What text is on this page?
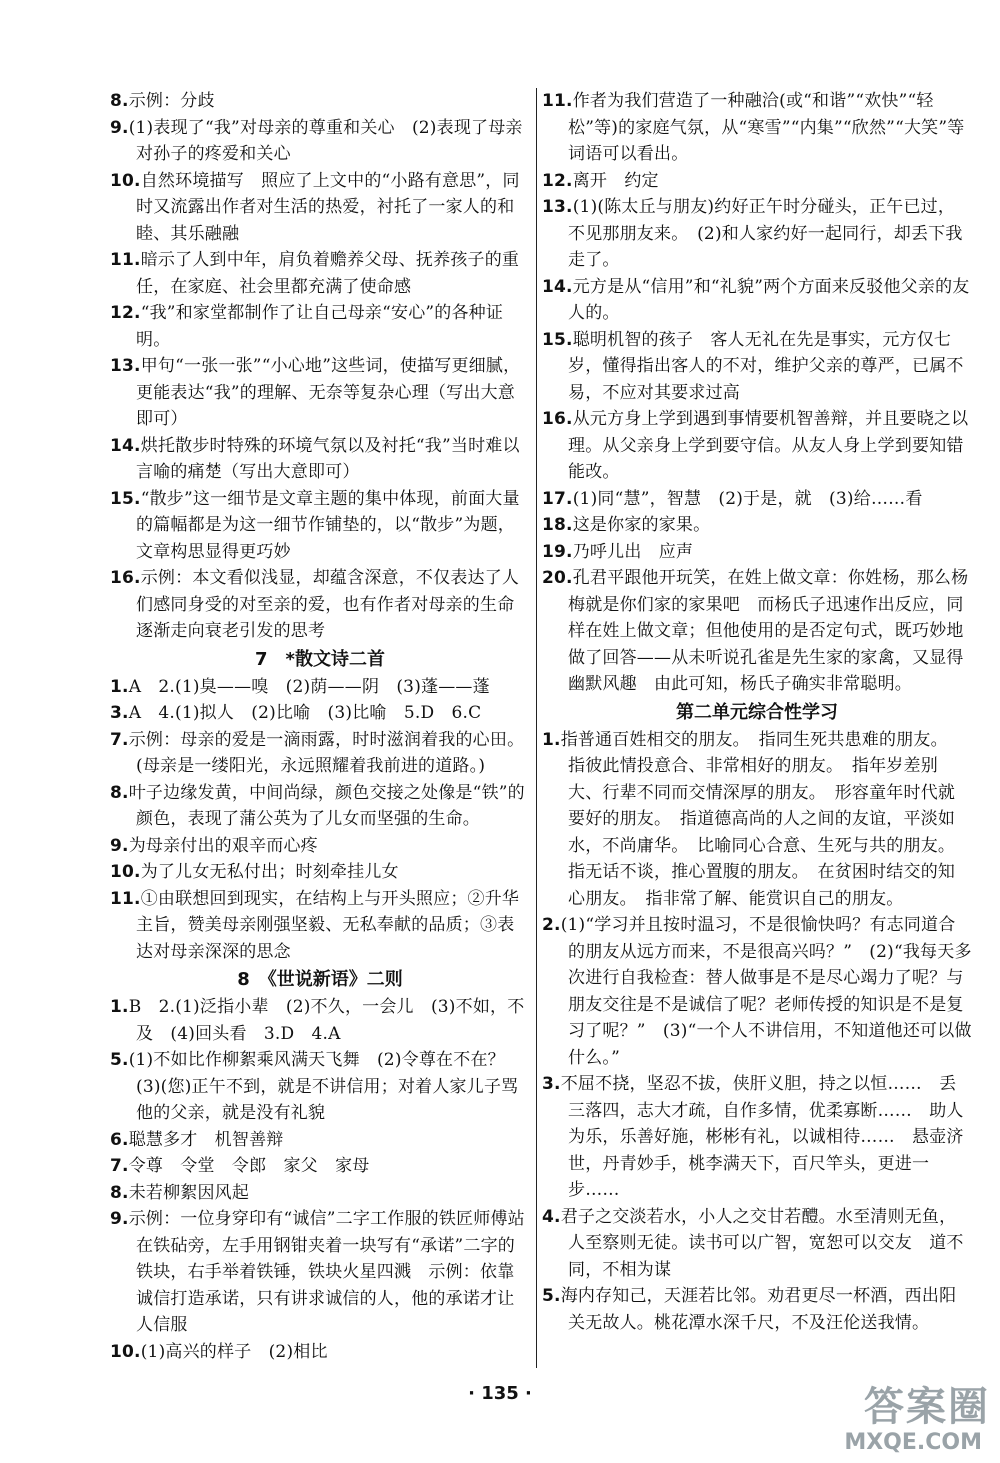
8.示例：分歧

9.(1)表现了“我”对母亲的尊重和关心　(2)表现了母亲对孙子的疼爱和关心

10.自然环境描写　照应了上文中的“小路有意思”，同时又流露出作者对生活的热爱，衬托了一家人的和睦、其乐融融

11.暗示了人到中年，肩负着赡养父母、抚养孩子的重任，在家庭、社会里都充满了使命感

12.“我”和家堂都制作了让自己母亲“安心”的各种证明。

13.甲句“一张一张”“小心地”这些词，使描写更细腻，更能表达“我”的理解、无奈等复杂心理（写出大意即可）

14.烘托散步时特殊的环境气氛以及衬托“我”当时难以言喻的痛楚（写出大意即可）

15.“散步”这一细节是文章主题的集中体现，前面大量的篇幅都是为这一细节作铺垫的，以“散步”为题，文章构思显得更巧妙

16.示例：本文看似浅显，却蕴含深意，不仅表达了人们感同身受的对至亲的爱，也有作者对母亲的生命逐渐走向衰老引发的思考

7　*散文诗二首

1.A　2.(1)臭——嗅　(2)荫——阴　(3)蓬——蓬

3.A　4.(1)拟人　(2)比喻　(3)比喻　5.D　6.C

7.示例：母亲的爱是一滴雨露，时时滋润着我的心田。(母亲是一缕阳光，永远照耀着我前进的道路。)

8.叶子边缘发黄，中间尚绿，颜色交接之处像是“铁”的颜色，表现了蒲公英为了儿女而坚强的生命。

9.为母亲付出的艰辛而心疼

10.为了儿女无私付出；时刻牵挂儿女

11.①由联想回到现实，在结构上与开头照应；②升华主旨，赞美母亲刚强坚毅、无私奉献的品质；③表达对母亲深深的思念

8　《世说新语》二则

1.B　2.(1)泛指小辈　(2)不久，一会儿　(3)不如，不及　(4)回头看　3.D　4.A

5.(1)不如比作柳絮乘风满天飞舞　(2)令尊在不在？　(3)(您)正午不到，就是不讲信用；对着人家儿子骂他的父亲，就是没有礼貌

6.聪慧多才　机智善辩

7.令尊　令堂　令郎　家父　家母

8.未若柳絮因风起

9.示例：一位身穿印有“诚信”二字工作服的铁匠师傅站在铁砧旁，左手用钢钳夹着一块写有“承诺”二字的铁块，右手举着铁锤，铁块火星四溅　示例：依靠诚信打造承诺，只有讲求诚信的人，他的承诺才让人信服

10.(1)高兴的样子　(2)相比

11.作者为我们营造了一种融洽(或“和谐”“欢快”“轻松”等)的家庭气氛，从“寒雪”“内集”“欣然”“大笑”等词语可以看出。

12.离开　约定

13.(1)(陈太丘与朋友)约好正午时分碰头，正午已过，不见那朋友来。　(2)和人家约好一起同行，却丢下我走了。

14.元方是从“信用”和“礼貌”两个方面来反驳他父亲的友人的。

15.聪明机智的孩子　客人无礼在先是事实，元方仅七岁，懂得指出客人的不对，维护父亲的尊严，已属不易，不应对其要求过高

16.从元方身上学到遇到事情要机智善辩，并且要晓之以理。从父亲身上学到要守信。从友人身上学到要知错能改。

17.(1)同“慧”，智慧　(2)于是，就　(3)给……看

18.这是你家的家果。

19.乃呼儿出　应声

20.孔君平跟他开玩笑，在姓上做文章：你姓杨，那么杨梅就是你们家的家果吧　而杨氏子迅速作出反应，同样在姓上做文章；但他使用的是否定句式，既巧妙地做了回答——从未听说孔雀是先生家的家禽，又显得幽默风趣　由此可知，杨氏子确实非常聪明。

第二单元综合性学习

1.指普通百姓相交的朋友。　指同生死共患难的朋友。　指彼此情投意合、非常相好的朋友。　指年岁差别大、行辈不同而交情深厚的朋友。　形容童年时代就要好的朋友。　指道德高尚的人之间的友谊，平淡如水，不尚庸华。　比喻同心合意、生死与共的朋友。　指无话不谈，推心置腹的朋友。　在贫困时结交的知心朋友。　指非常了解、能赏识自己的朋友。

2.(1)“学习并且按时温习，不是很愉快吗？有志同道合的朋友从远方而来，不是很高兴吗？”　(2)“我每天多次进行自我检查：替人做事是不是尽心竭力了呢？与朋友交往是不是诚信了呢？老师传授的知识是不是复习了呢？”　(3)“一个人不讲信用，不知道他还可以做什么。”

3.不屈不挠，坚忍不拔，侠肝义胆，持之以恒……　丢三落四，志大才疏，自作多情，优柔寡断……　助人为乐，乐善好施，彬彬有礼，以诚相待……　悬壶济世，丹青妙手，桃李满天下，百尺竿头，更进一步……

4.君子之交淡若水，小人之交甘若醴。水至清则无鱼，人至察则无徒。读书可以广智，宽恕可以交友　道不同，不相为谋

5.海内存知己，天涯若比邻。劝君更尽一杯酒，西出阳关无故人。桃花潭水深千尺，不及汪伦送我情。

· 135 ·	答案圈
MXQE.COM
